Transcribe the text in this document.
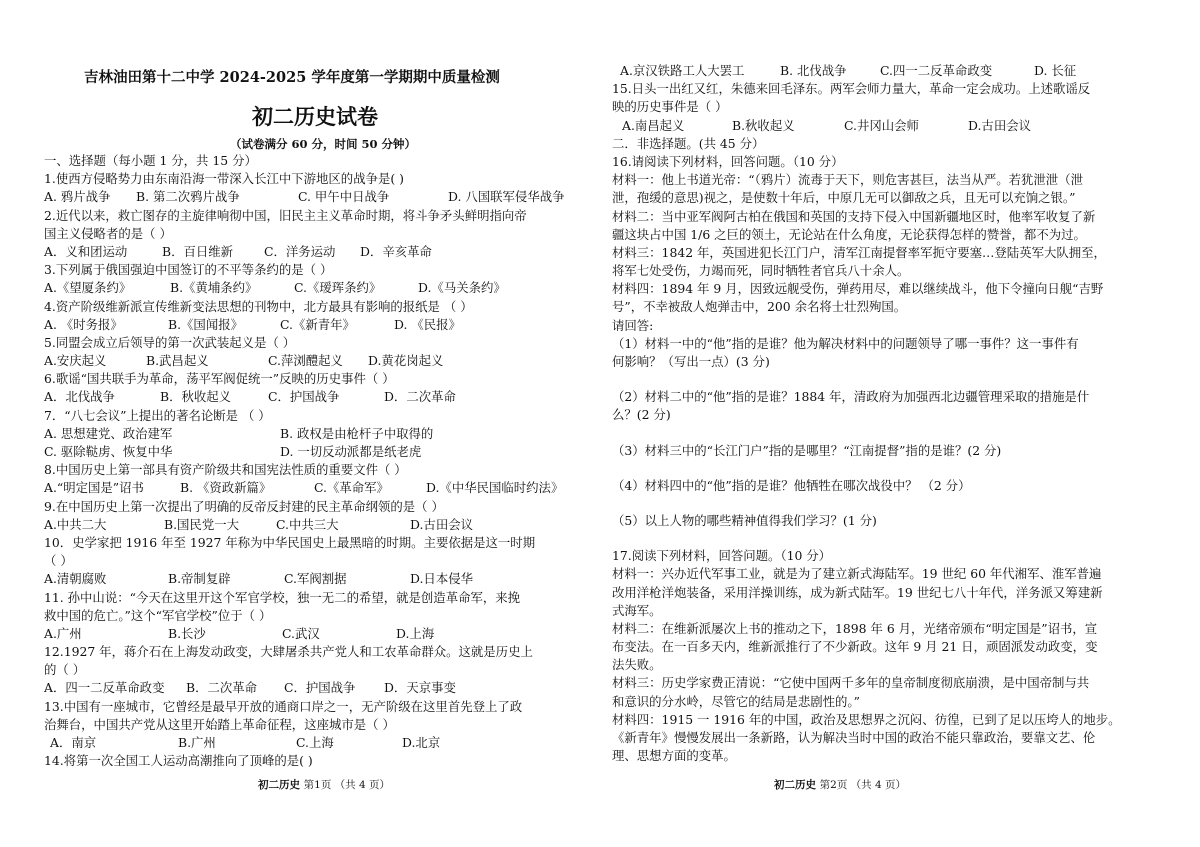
吉林油田第十二中学 2024-2025 学年度第一学期期中质量检测
初二历史试卷
（试卷满分 60 分，时间 50 分钟）
一、选择题（每小题 1 分，共 15 分）
1.使西方侵略势力由东南沿海一带深入长江中下游地区的战争是( )
A. 鸦片战争	B. 第二次鸦片战争	C. 甲午中日战争	D. 八国联军侵华战争
2.近代以来，救亡图存的主旋律响彻中国，旧民主主义革命时期，将斗争矛头鲜明指向帝
国主义侵略者的是（ ）
A．义和团运动	B．百日维新	C．洋务运动	D．辛亥革命
3.下列属于俄国强迫中国签订的不平等条约的是（ ）
A.《望厦条约》	B.《黄埔条约》	C.《瑷珲条约》	D.《马关条约》
4.资产阶级维新派宣传维新变法思想的刊物中，北方最具有影响的报纸是 （ ）
A. 《时务报》	B.《国闻报》	C.《新青年》	D. 《民报》
5.同盟会成立后领导的第一次武装起义是（ ）
A.安庆起义	B.武昌起义	C.萍浏醴起义	D.黄花岗起义
6.歌谣“国共联手为革命，荡平军阀促统一”反映的历史事件（ ）
A．北伐战争	B．秋收起义	C．护国战争	D．二次革命
7．“八七会议”上提出的著名论断是 （ ）
A. 思想建党、政治建军	B. 政权是由枪杆子中取得的
C. 驱除鞑虏、恢复中华	D. 一切反动派都是纸老虎
8.中国历史上第一部具有资产阶级共和国宪法性质的重要文件（ ）
A.“明定国是”诏书	B. 《资政新篇》	C.《革命军》	D.《中华民国临时约法》
9.在中国历史上第一次提出了明确的反帝反封建的民主革命纲领的是（ ）
A.中共二大	B.国民党一大	C.中共三大	D.古田会议
10．史学家把 1916 年至 1927 年称为中华民国史上最黑暗的时期。主要依据是这一时期
（ ）
A.清朝腐败	B.帝制复辟	C.军阀割据	D.日本侵华
11. 孙中山说：“今天在这里开这个军官学校，独一无二的希望，就是创造革命军，来挽
救中国的危亡。”这个“军官学校”位于（ ）
A.广州	B.长沙	C.武汉	D.上海
12.1927 年，蒋介石在上海发动政变，大肆屠杀共产党人和工农革命群众。这就是历史上
的（ ）
A．四一二反革命政变	B．二次革命	C．护国战争	D．天京事变
13.中国有一座城市，它曾经是最早开放的通商口岸之一，无产阶级在这里首先登上了政
治舞台，中国共产党从这里开始踏上革命征程，这座城市是（ ）
A．南京	B.广州	C.上海	D.北京
14.将第一次全国工人运动高潮推向了顶峰的是( )
初二历史 第1页 （共 4 页）
A.京汉铁路工人大罢工	B. 北伐战争	C.四一二反革命政变	D. 长征
15.日头一出红又红，朱德来回毛泽东。两军会师力量大，革命一定会成功。上述歌谣反
映的历史事件是（ ）
A.南昌起义	B.秋收起义	C.井冈山会师	D.古田会议
二．非选择题。(共 45 分）
16.请阅读下列材料，回答问题。（10 分）
材料一：他上书道光帝：“（鸦片）流毒于天下，则危害甚巨，法当从严。若犹泄泄（泄
泄，孢缓的意思)视之，是使数十年后，中原几无可以御敌之兵，且无可以充饷之银。”
材料二：当中亚军阀阿古柏在俄国和英国的支持下侵入中国新疆地区时，他率军收复了新
疆这块占中国 1/6 之巨的领土，无论站在什么角度，无论获得怎样的赞誉，都不为过。
材料三：1842 年，英国进犯长江门户，清军江南提督率军扼守要塞…登陆英军大队拥至，
将军七处受伤，力竭而死，同时牺牲者官兵八十余人。
材料四：1894 年 9 月，因致远舰受伤，弹药用尽，难以继续战斗，他下令撞向日舰“吉野
号”，不幸被敌人炮弹击中，200 余名将士壮烈殉国。
请回答:
（1）材料一中的“他”指的是谁？他为解决材料中的问题领导了哪一事件？这一事件有
何影响？（写出一点）(3 分)
（2）材料二中的“他”指的是谁？1884 年，清政府为加强西北边疆管理采取的措施是什
么？(2 分)
（3）材料三中的“长江门户”指的是哪里？“江南提督”指的是谁？(2 分)
（4）材料四中的“他”指的是谁？他牺牲在哪次战役中？ （2 分）
（5）以上人物的哪些精神值得我们学习？(1 分)
17.阅读下列材料，回答问题。（10 分）
材料一：兴办近代军事工业，就是为了建立新式海陆军。19 世纪 60 年代湘军、淮军普遍
改用洋枪洋炮装备，采用洋操训练，成为新式陆军。19 世纪七八十年代，洋务派又筹建新
式海军。
材料二：在维新派屡次上书的推动之下，1898 年 6 月，光绪帝颁布“明定国是”诏书，宣
布变法。在一百多天内，维新派推行了不少新政。这年 9 月 21 日，顽固派发动政变，变
法失败。
材料三：历史学家费正清说：“它使中国两千多年的皇帝制度彻底崩溃，是中国帝制与共
和意识的分水岭，尽管它的结局是悲剧性的。”
材料四：1915 一 1916 年的中国，政治及思想界之沉闷、彷徨，已到了足以压垮人的地步。
《新青年》慢慢发展出一条新路，认为解决当时中国的政治不能只靠政治，要靠文艺、伦
理、思想方面的变革。
初二历史 第2页 （共 4 页）
